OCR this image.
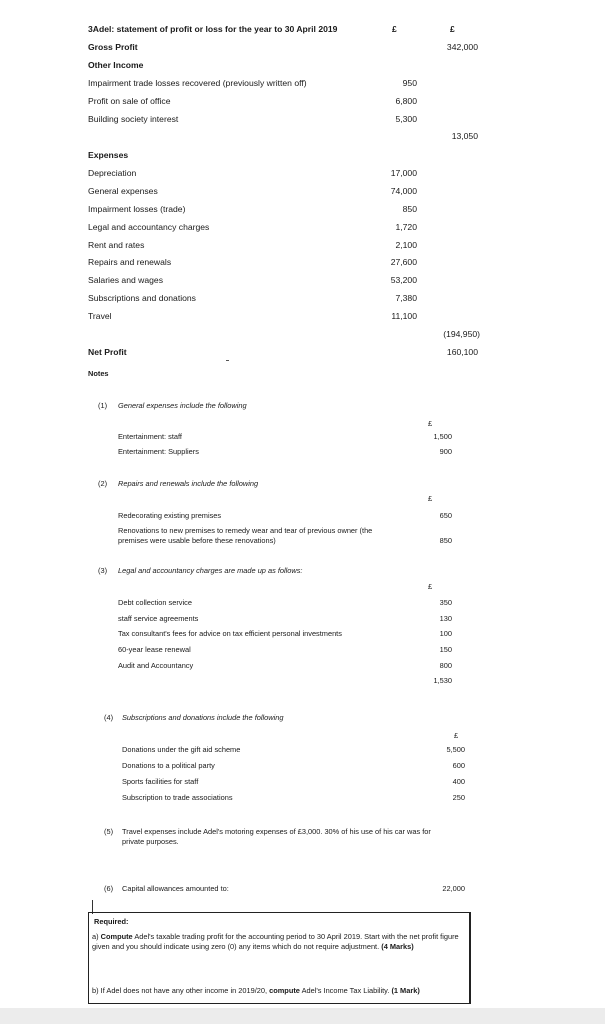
3Adel: statement of profit or loss for the year to 30 April 2019	£	£
Gross Profit	342,000
Other Income
Impairment trade losses recovered (previously written off)	950
Profit on sale of office	6,800
Building society interest	5,300
13,050
Expenses
Depreciation	17,000
General expenses	74,000
Impairment losses (trade)	850
Legal and accountancy charges	1,720
Rent and rates	2,100
Repairs and renewals	27,600
Salaries and wages	53,200
Subscriptions and donations	7,380
Travel	11,100
(194,950)
Net Profit	160,100
Notes
(1) General expenses include the following
£
Entertainment: staff	1,500
Entertainment: Suppliers	900
(2) Repairs and renewals include the following
£
Redecorating existing premises	650
Renovations to new premises to remedy wear and tear of previous owner (the premises were usable before these renovations)	850
(3) Legal and accountancy charges are made up as follows:
£
Debt collection service	350
staff service agreements	130
Tax consultant's fees for advice on tax efficient personal investments	100
60-year lease renewal	150
Audit and Accountancy	800
1,530
(4) Subscriptions and donations include the following
£
Donations under the gift aid scheme	5,500
Donations to a political party	600
Sports facilities for staff	400
Subscription to trade associations	250
(5) Travel expenses include Adel's motoring expenses of £3,000. 30% of his use of his car was for private purposes.
(6) Capital allowances amounted to:	22,000
Required:
a) Compute Adel's taxable trading profit for the accounting period to 30 April 2019. Start with the net profit figure given and you should indicate using zero (0) any items which do not require adjustment. (4 Marks)
b) If Adel does not have any other income in 2019/20, compute Adel's Income Tax Liability. (1 Mark)
